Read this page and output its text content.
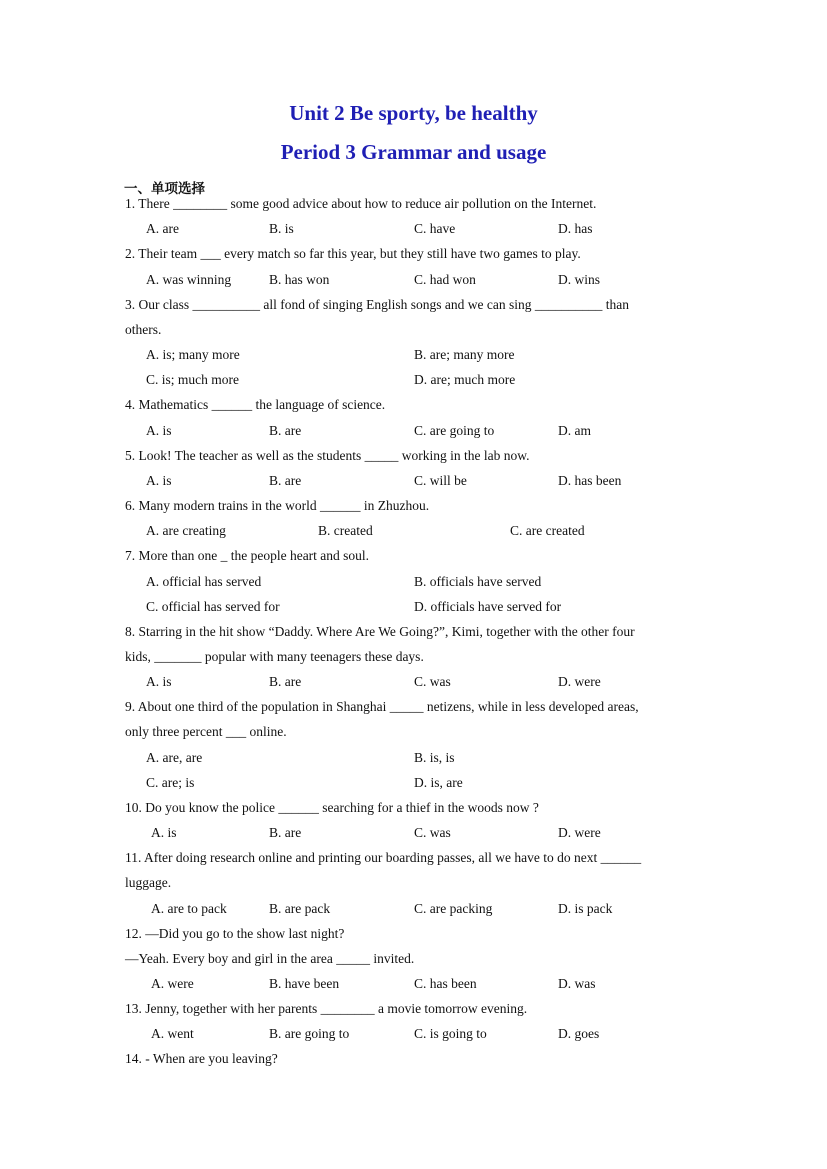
Unit 2 Be sporty, be healthy
Period 3 Grammar and usage
一、单项选择
1. There ________ some good advice about how to reduce air pollution on the Internet.
A. are	B. is	C. have	D. has
2. Their team ___ every match so far this year, but they still have two games to play.
A. was winning	B. has won	C. had won	D. wins
3. Our class __________ all fond of singing English songs and we can sing __________ than
others.
A. is; many more	B. are; many more
C. is; much more	D. are; much more
4. Mathematics ______ the language of science.
A. is	B. are	C. are going to	D. am
5. Look! The teacher as well as the students _____ working in the lab now.
A. is	B. are	C. will be	D. has been
6. Many modern trains in the world ______ in Zhuzhou.
A. are creating	B. created	C. are created
7. More than one _ the people heart and soul.
A. official has served	B. officials have served
C. official has served for	D. officials have served for
8. Starring in the hit show “Daddy. Where Are We Going?”, Kimi, together with the other four
kids, _______ popular with many teenagers these days.
A. is	B. are	C. was	D. were
9. About one third of the population in Shanghai _____ netizens, while in less developed areas,
only three percent ___ online.
A. are, are	B. is, is
C. are; is	D. is, are
10. Do you know the police ______ searching for a thief in the woods now ?
A. is	B. are	C. was	D. were
11. After doing research online and printing our boarding passes, all we have to do next ______
luggage.
A. are to pack	B. are pack	C. are packing	D. is pack
12. —Did you go to the show last night?
—Yeah. Every boy and girl in the area _____ invited.
A. were	B. have been	C. has been	D. was
13. Jenny, together with her parents ________ a movie tomorrow evening.
A. went	B. are going to	C. is going to	D. goes
14. - When are you leaving?
